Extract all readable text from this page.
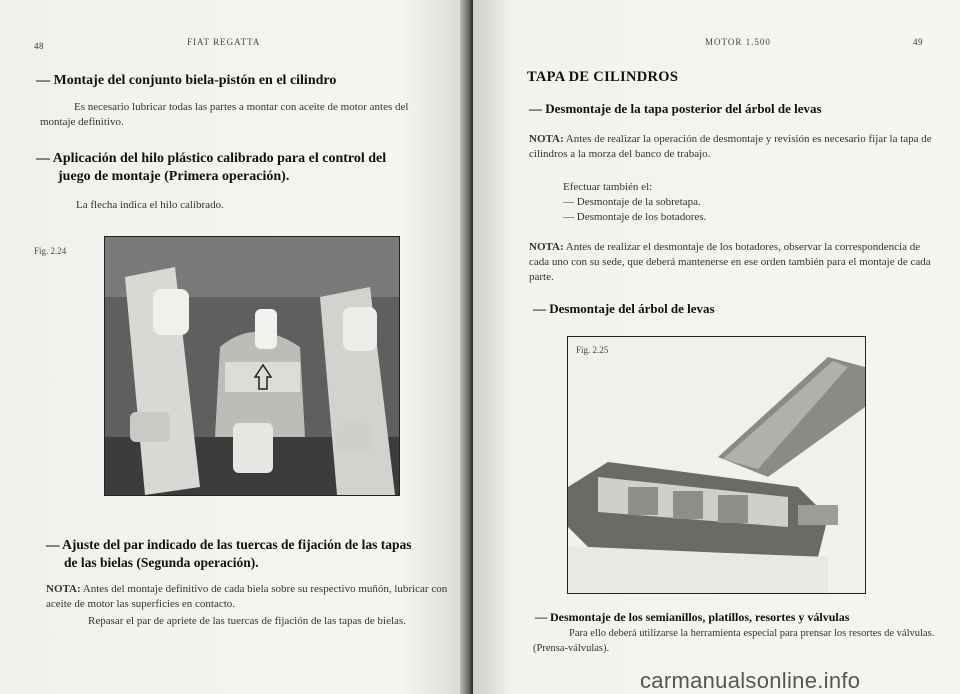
48	FIAT REGATTA
— Montaje del conjunto biela-pistón en el cilindro

Es necesario lubricar todas las partes a montar con aceite de motor antes del montaje definitivo.

— Aplicación del hilo plástico calibrado para el control del
juego de montaje (Primera operación).

La flecha indica el hilo calibrado.

Fig. 2.24
— Ajuste del par indicado de las tuercas de fijación de las tapas
de las bielas (Segunda operación).

NOTA: Antes del montaje definitivo de cada biela sobre su respectivo muñón, lubricar con aceite de motor las superficies en contacto.

Repasar el par de apriete de las tuercas de fijación de las tapas de bielas.

MOTOR 1.500	49
TAPA DE CILINDROS
— Desmontaje de la tapa posterior del árbol de levas

NOTA: Antes de realizar la operación de desmontaje y revisión es necesario fijar la tapa de cilindros a la morza del banco de trabajo.

Efectuar también el:

— Desmontaje de la sobretapa.

— Desmontaje de los botadores.

NOTA: Antes de realizar el desmontaje de los botadores, observar la correspondencia de cada uno con su sede, que deberá mantenerse en ese orden también para el montaje de cada parte.

— Desmontaje del árbol de levas
Fig. 2.25
— Desmontaje de los semianillos, platillos, resortes y válvulas

Para ello deberá utilizarse la herramienta especial para prensar los resortes de válvulas. (Prensa-válvulas).

carmanualsonline.info
